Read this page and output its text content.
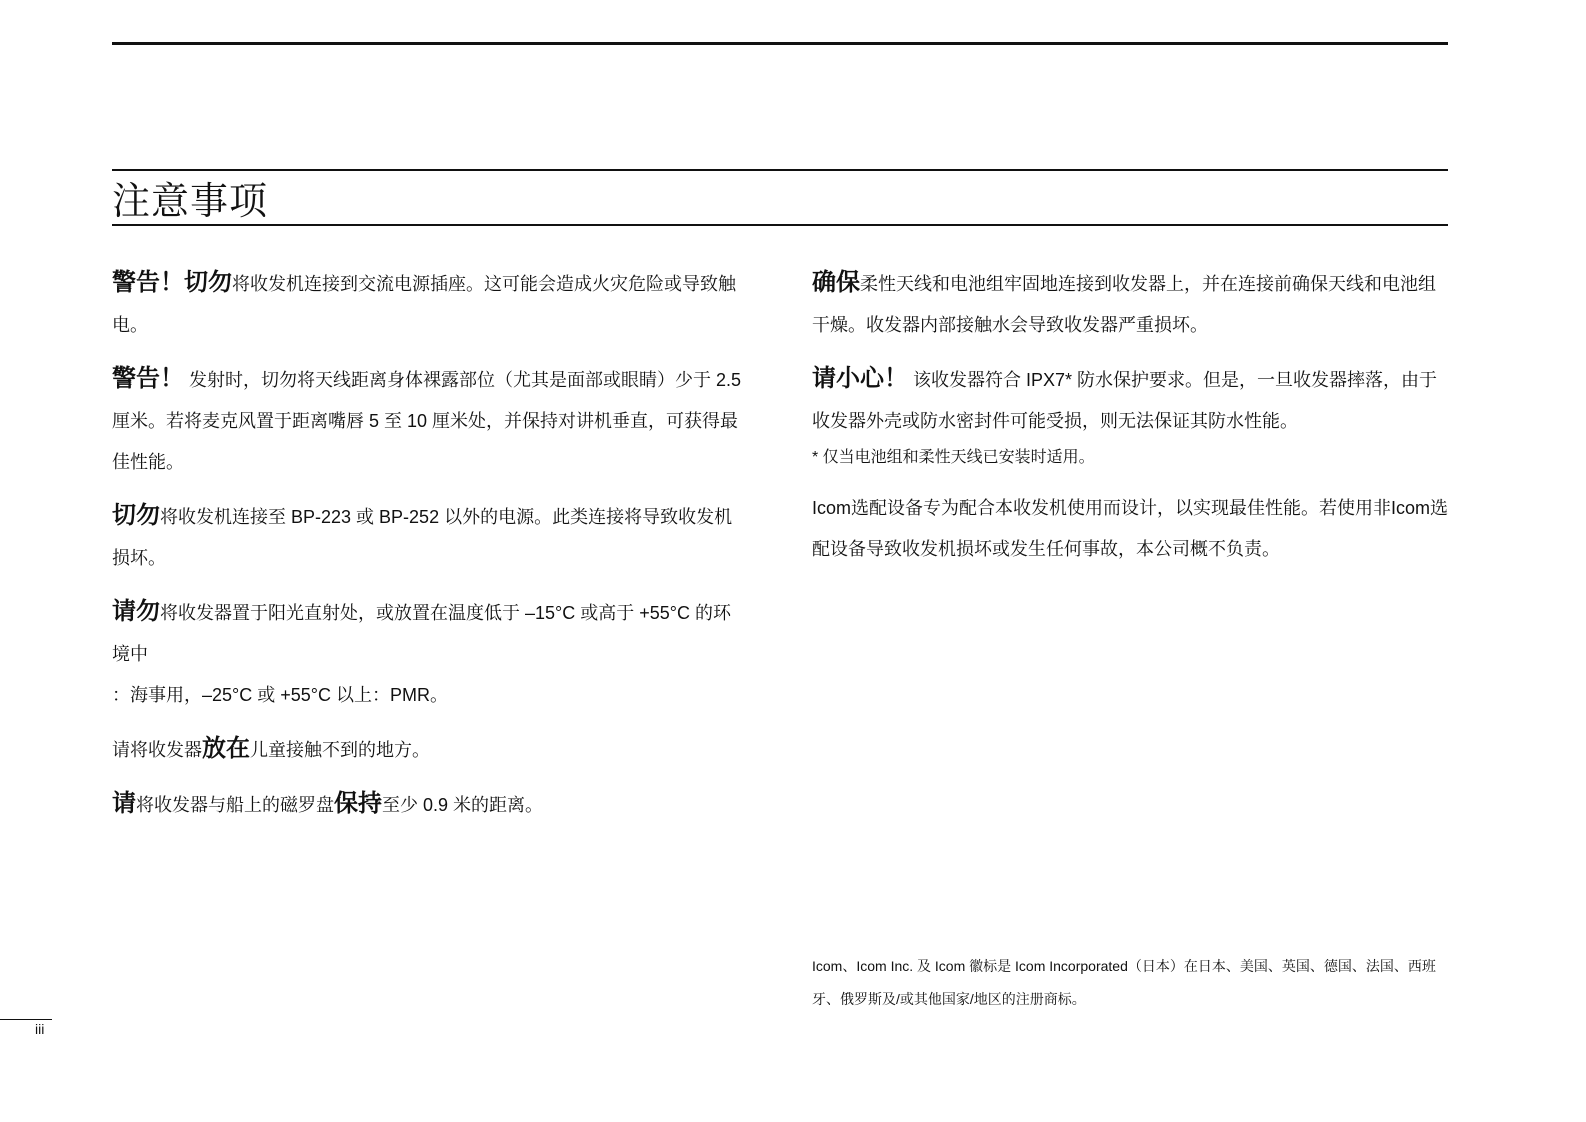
注意事项

警告！切勿将收发机连接到交流电源插座。这可能会造成火灾危险或导致触电。

警告！ 发射时，切勿将天线距离身体裸露部位（尤其是面部或眼睛）少于 2.5 厘米。若将麦克风置于距离嘴唇 5 至 10 厘米处，并保持对讲机垂直，可获得最佳性能。

切勿将收发机连接至 BP-223 或 BP-252 以外的电源。此类连接将导致收发机损坏。

请勿将收发器置于阳光直射处，或放置在温度低于 –15°C 或高于 +55°C 的环境中

：海事用，–25°C 或 +55°C 以上：PMR。

请将收发器放在儿童接触不到的地方。

请将收发器与船上的磁罗盘保持至少 0.9 米的距离。

确保柔性天线和电池组牢固地连接到收发器上，并在连接前确保天线和电池组干燥。收发器内部接触水会导致收发器严重损坏。

请小心！ 该收发器符合 IPX7* 防水保护要求。但是，一旦收发器摔落，由于收发器外壳或防水密封件可能受损，则无法保证其防水性能。

* 仅当电池组和柔性天线已安装时适用。

Icom选配设备专为配合本收发机使用而设计，以实现最佳性能。若使用非Icom选配设备导致收发机损坏或发生任何事故，本公司概不负责。

Icom、Icom Inc. 及 Icom 徽标是 Icom Incorporated（日本）在日本、美国、英国、德国、法国、西班牙、俄罗斯及/或其他国家/地区的注册商标。

iii
